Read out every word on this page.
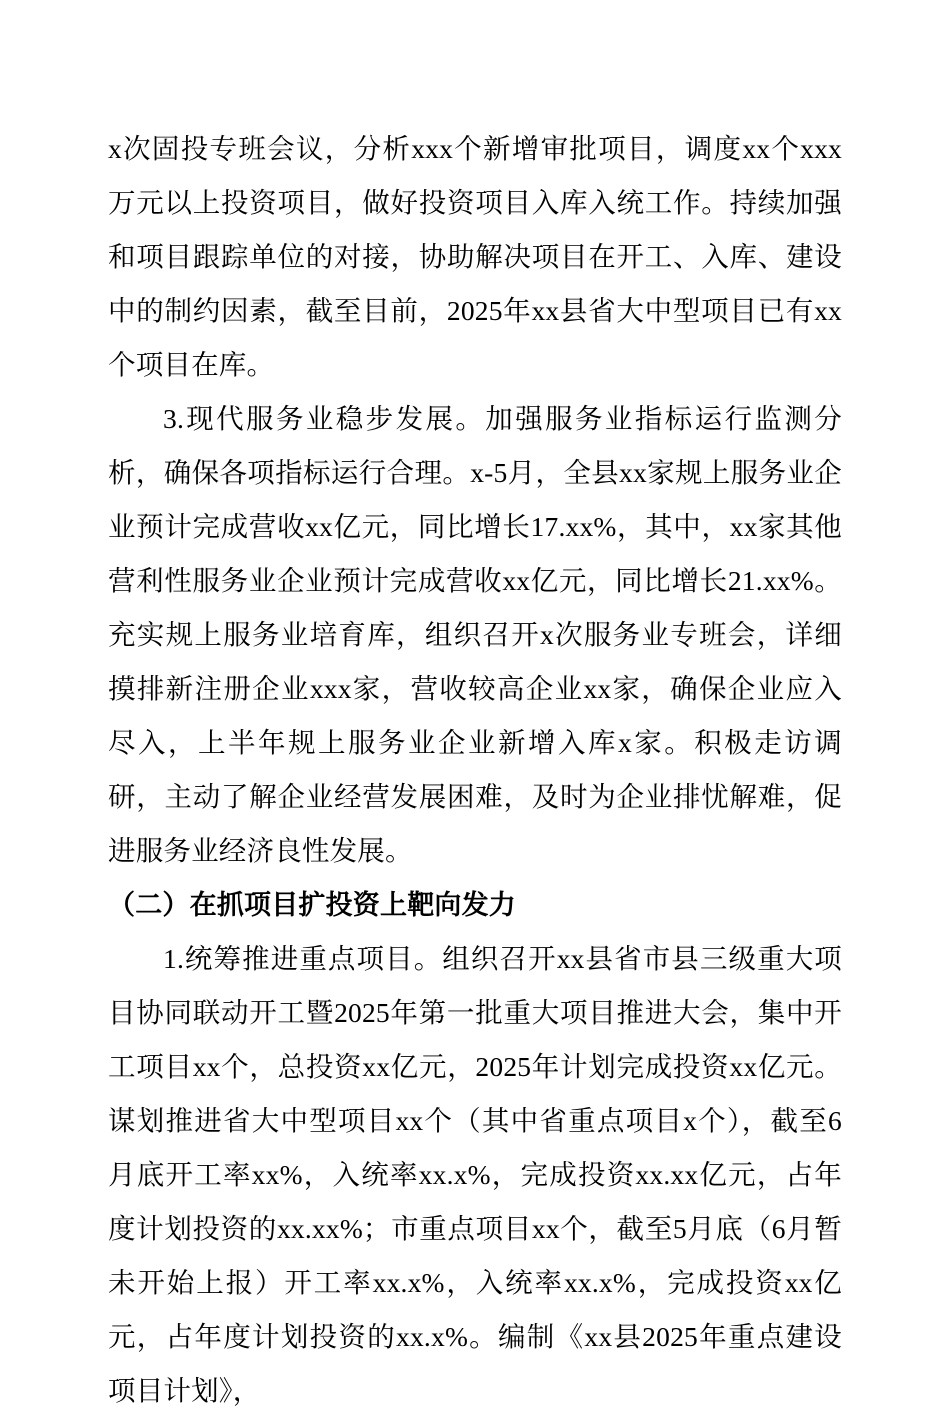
x次固投专班会议，分析xxx个新增审批项目，调度xx个xxx万元以上投资项目，做好投资项目入库入统工作。持续加强和项目跟踪单位的对接，协助解决项目在开工、入库、建设中的制约因素，截至目前，2025年xx县省大中型项目已有xx个项目在库。

3.现代服务业稳步发展。加强服务业指标运行监测分析，确保各项指标运行合理。x-5月，全县xx家规上服务业企业预计完成营收xx亿元，同比增长17.xx%，其中，xx家其他营利性服务业企业预计完成营收xx亿元，同比增长21.xx%。充实规上服务业培育库，组织召开x次服务业专班会，详细摸排新注册企业xxx家，营收较高企业xx家，确保企业应入尽入，上半年规上服务业企业新增入库x家。积极走访调研，主动了解企业经营发展困难，及时为企业排忧解难，促进服务业经济良性发展。

（二）在抓项目扩投资上靶向发力

1.统筹推进重点项目。组织召开xx县省市县三级重大项目协同联动开工暨2025年第一批重大项目推进大会，集中开工项目xx个，总投资xx亿元，2025年计划完成投资xx亿元。谋划推进省大中型项目xx个（其中省重点项目x个），截至6月底开工率xx%，入统率xx.x%，完成投资xx.xx亿元，占年度计划投资的xx.xx%；市重点项目xx个，截至5月底（6月暂未开始上报）开工率xx.x%，入统率xx.x%，完成投资xx亿元，占年度计划投资的xx.x%。编制《xx县2025年重点建设项目计划》，
